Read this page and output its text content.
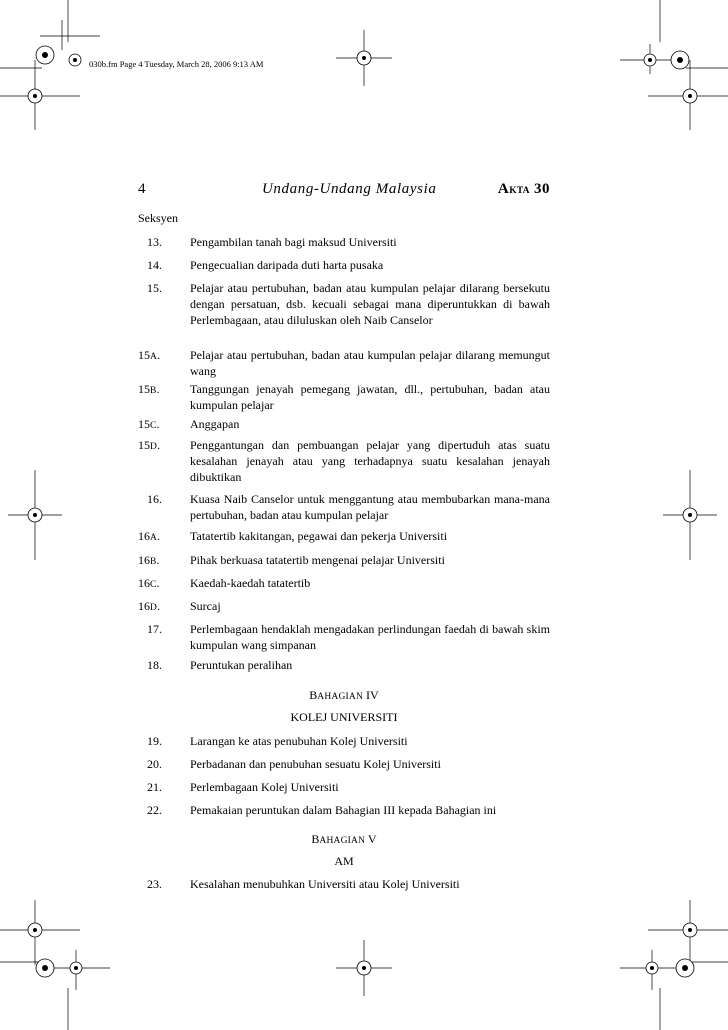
030b.fm Page 4 Tuesday, March 28, 2006 9:13 AM
4	Undang-Undang Malaysia	AKTA 30
Seksyen
13.	Pengambilan tanah bagi maksud Universiti
14.	Pengecualian daripada duti harta pusaka
15.	Pelajar atau pertubuhan, badan atau kumpulan pelajar dilarang bersekutu dengan persatuan, dsb. kecuali sebagai mana diperuntukkan di bawah Perlembagaan, atau diluluskan oleh Naib Canselor
15A.	Pelajar atau pertubuhan, badan atau kumpulan pelajar dilarang memungut wang
15B.	Tanggungan jenayah pemegang jawatan, dll., pertubuhan, badan atau kumpulan pelajar
15C.	Anggapan
15D.	Penggantungan dan pembuangan pelajar yang dipertuduh atas suatu kesalahan jenayah atau yang terhadapnya suatu kesalahan jenayah dibuktikan
16.	Kuasa Naib Canselor untuk menggantung atau membubarkan mana-mana pertubuhan, badan atau kumpulan pelajar
16A.	Tatatertib kakitangan, pegawai dan pekerja Universiti
16B.	Pihak berkuasa tatatertib mengenai pelajar Universiti
16C.	Kaedah-kaedah tatatertib
16D.	Surcaj
17.	Perlembagaan hendaklah mengadakan perlindungan faedah di bawah skim kumpulan wang simpanan
18.	Peruntukan peralihan
BAHAGIAN IV
KOLEJ UNIVERSITI
19.	Larangan ke atas penubuhan Kolej Universiti
20.	Perbadanan dan penubuhan sesuatu Kolej Universiti
21.	Perlembagaan Kolej Universiti
22.	Pemakaian peruntukan dalam Bahagian III kepada Bahagian ini
BAHAGIAN V
AM
23.	Kesalahan menubuhkan Universiti atau Kolej Universiti
